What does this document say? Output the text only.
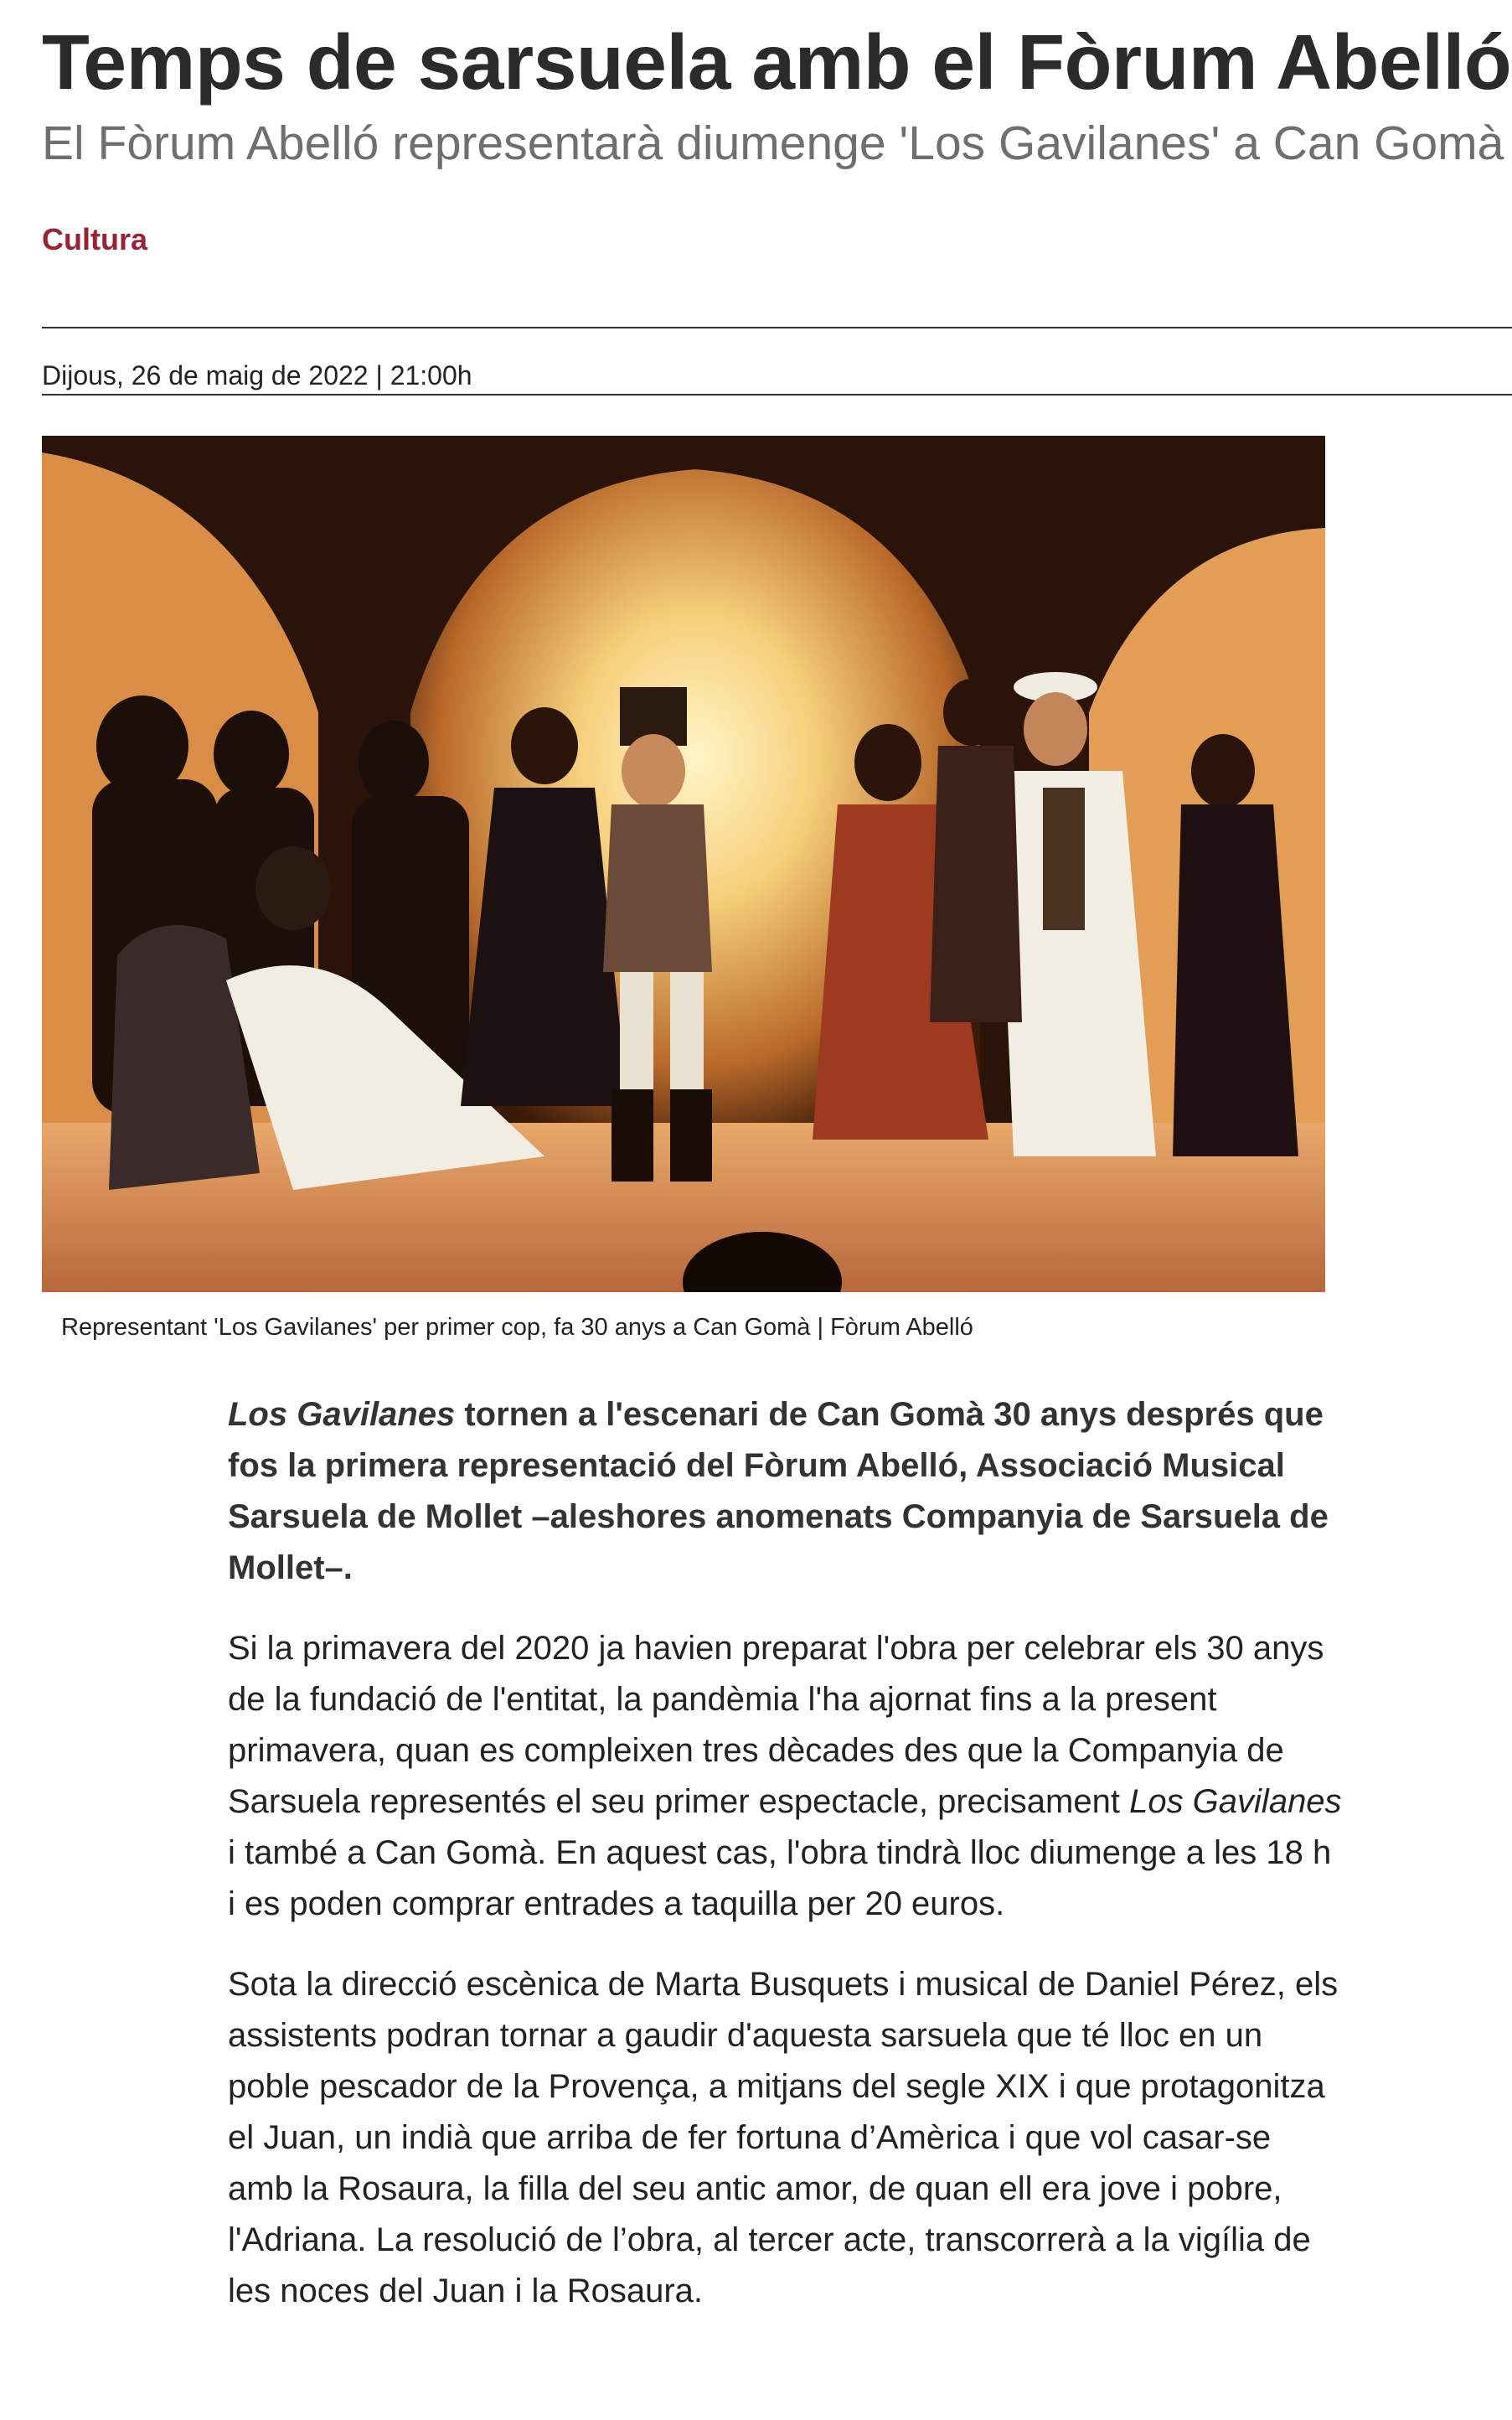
Temps de sarsuela amb el Fòrum Abelló
El Fòrum Abelló representarà diumenge 'Los Gavilanes' a Can Gomà
Cultura
Dijous, 26 de maig de 2022 | 21:00h
Representant 'Los Gavilanes' per primer cop, fa 30 anys a Can Gomà | Fòrum Abelló

Los Gavilanes tornen a l'escenari de Can Gomà 30 anys després que fos la primera representació del Fòrum Abelló, Associació Musical Sarsuela de Mollet –aleshores anomenats Companyia de Sarsuela de Mollet–.

Si la primavera del 2020 ja havien preparat l'obra per celebrar els 30 anys de la fundació de l'entitat, la pandèmia l'ha ajornat fins a la present primavera, quan es compleixen tres dècades des que la Companyia de Sarsuela representés el seu primer espectacle, precisament Los Gavilanes i també a Can Gomà. En aquest cas, l'obra tindrà lloc diumenge a les 18 h i es poden comprar entrades a taquilla per 20 euros.

Sota la direcció escènica de Marta Busquets i musical de Daniel Pérez, els assistents podran tornar a gaudir d'aquesta sarsuela que té lloc en un poble pescador de la Provença, a mitjans del segle XIX i que protagonitza el Juan, un indià que arriba de fer fortuna d’Amèrica i que vol casar-se amb la Rosaura, la filla del seu antic amor, de quan ell era jove i pobre, l'Adriana. La resolució de l’obra, al tercer acte, transcorrerà a la vigília de les noces del Juan i la Rosaura.
